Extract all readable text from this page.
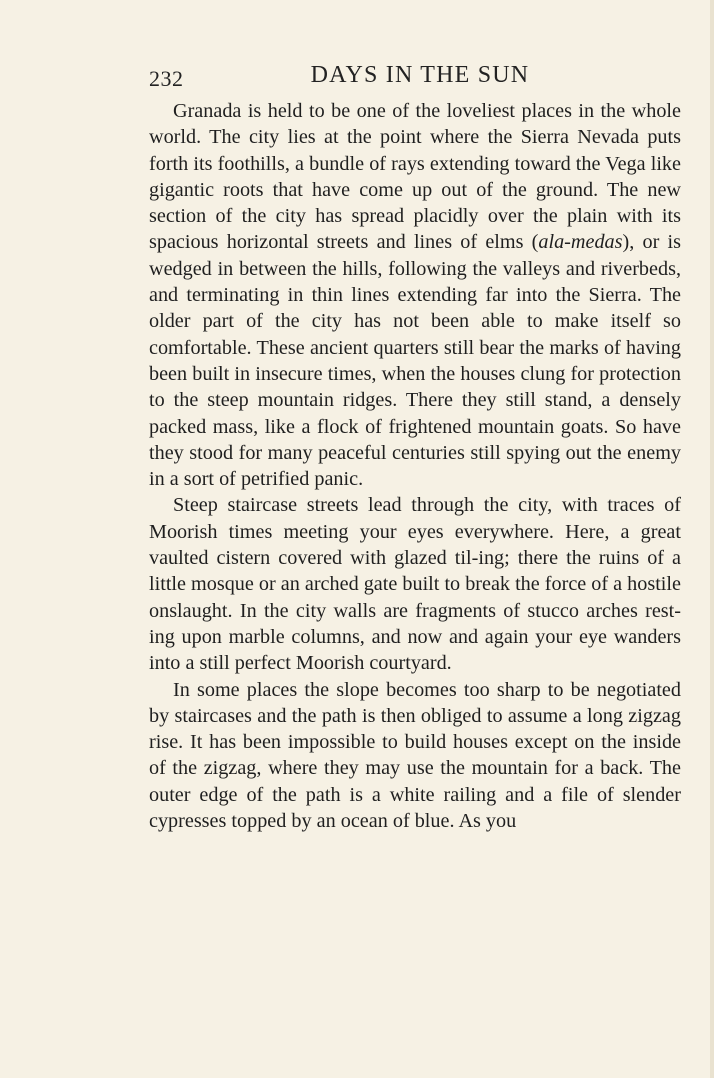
232	DAYS IN THE SUN

Granada is held to be one of the loveliest places in the whole world. The city lies at the point where the Sierra Nevada puts forth its foothills, a bundle of rays extending toward the Vega like gigantic roots that have come up out of the ground. The new section of the city has spread placidly over the plain with its spacious horizontal streets and lines of elms (ala-medas), or is wedged in between the hills, following the valleys and riverbeds, and terminating in thin lines extending far into the Sierra. The older part of the city has not been able to make itself so comfortable. These ancient quarters still bear the marks of having been built in insecure times, when the houses clung for protection to the steep mountain ridges. There they still stand, a densely packed mass, like a flock of frightened mountain goats. So have they stood for many peaceful centuries still spying out the enemy in a sort of petrified panic.

Steep staircase streets lead through the city, with traces of Moorish times meeting your eyes everywhere. Here, a great vaulted cistern covered with glazed til-ing; there the ruins of a little mosque or an arched gate built to break the force of a hostile onslaught. In the city walls are fragments of stucco arches rest-ing upon marble columns, and now and again your eye wanders into a still perfect Moorish courtyard.

In some places the slope becomes too sharp to be negotiated by staircases and the path is then obliged to assume a long zigzag rise. It has been impossible to build houses except on the inside of the zigzag, where they may use the mountain for a back. The outer edge of the path is a white railing and a file of slender cypresses topped by an ocean of blue. As you
